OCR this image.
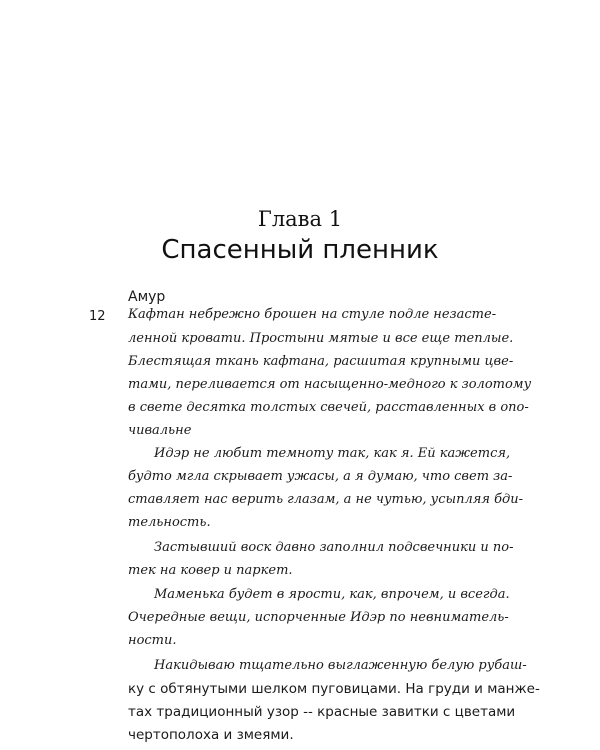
Глава 1
Спасенный пленник
Амур
12 Кафтан небрежно брошен на стуле подле незасте-
ленной кровати. Простыни мятые и все еще теплые.
Блестящая ткань кафтана, расшитая крупными цве-
тами, переливается от насыщенно-медного к золотому
в свете десятка толстых свечей, расставленных в опо-
чивальне
Идэр не любит темноту так, как я. Ей кажется,
будто мгла скрывает ужасы, а я думаю, что свет за-
ставляет нас верить глазам, а не чутью, усыпляя бди-
тельность.
Застывший воск давно заполнил подсвечники и по-
тек на ковер и паркет.
Маменька будет в ярости, как, впрочем, и всегда.
Очередные вещи, испорченные Идэр по невниматель-
ности.
Накидываю тщательно выглаженную белую рубаш-
ку с обтянутыми шелком пуговицами. На груди и манже-
тах традиционный узор -- красные завитки с цветами
чертополоха и змеями.
